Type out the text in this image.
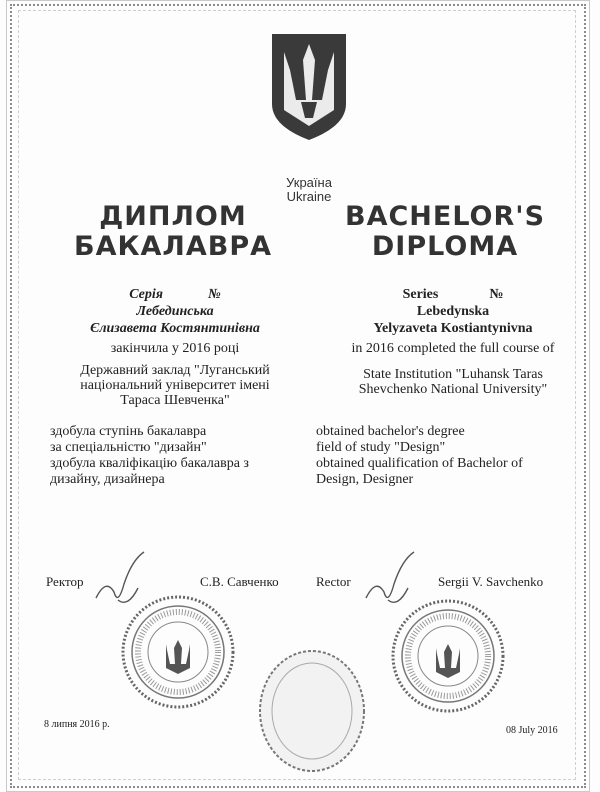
Україна
Ukraine
ДИПЛОМ
БАКАЛАВРА
BACHELOR'S
DIPLOMA
Серія	№
Лебединська
Єлизавета Костянтинівна
закінчила у 2016 році
Державний заклад "Луганський
національний університет імені
Тараса Шевченка"
здобула ступінь бакалавра
за спеціальністю "дизайн"
здобула кваліфікацію бакалавра з
дизайну, дизайнера
Series	№
Lebedynska
Yelyzaveta Kostiantynivna
in 2016 completed the full course of
State Institution "Luhansk Taras
Shevchenko National University"
obtained bachelor's degree
field of study "Design"
obtained qualification of Bachelor of
Design, Designer
Ректор	С.В. Савченко	Rector	Sergii V. Savchenko
8 липня 2016 р.
08 July 2016
